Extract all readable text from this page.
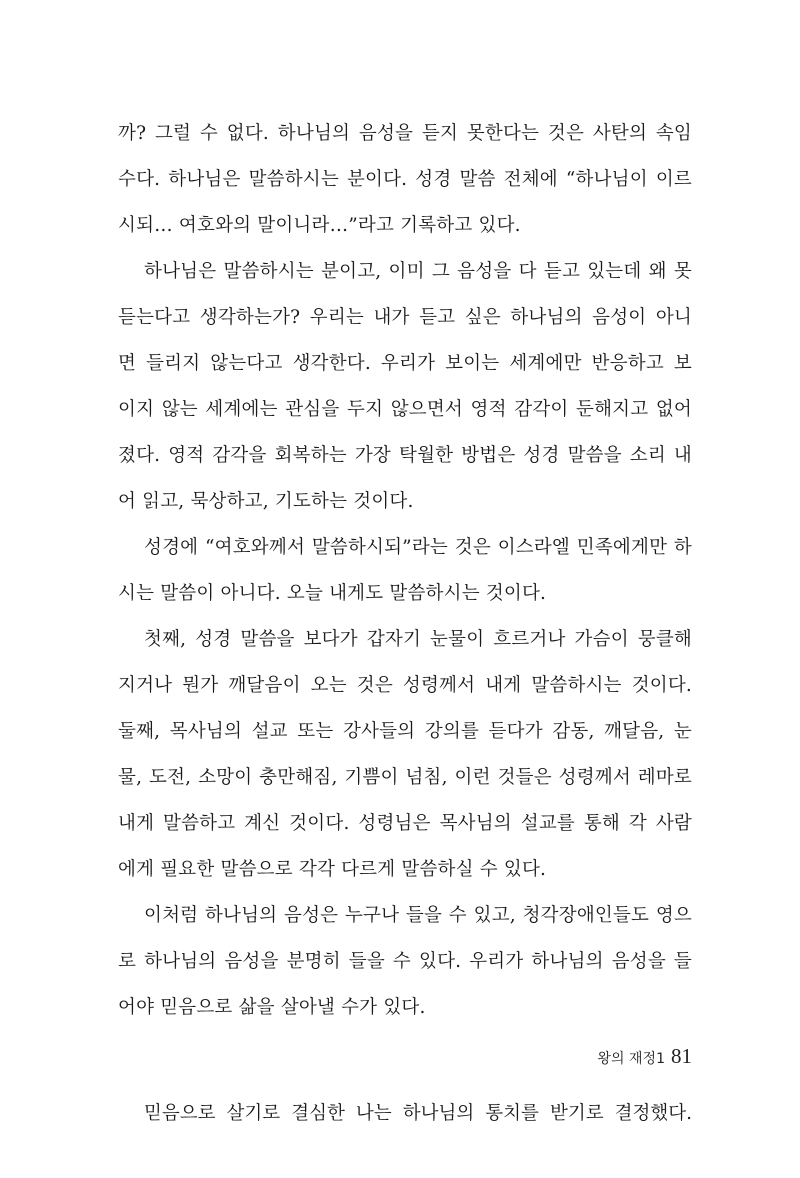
까? 그럴 수 없다. 하나님의 음성을 듣지 못한다는 것은 사탄의 속임
수다. 하나님은 말씀하시는 분이다. 성경 말씀 전체에 “하나님이 이르
시되… 여호와의 말이니라…”라고 기록하고 있다.
하나님은 말씀하시는 분이고, 이미 그 음성을 다 듣고 있는데 왜 못
듣는다고 생각하는가? 우리는 내가 듣고 싶은 하나님의 음성이 아니
면 들리지 않는다고 생각한다. 우리가 보이는 세계에만 반응하고 보
이지 않는 세계에는 관심을 두지 않으면서 영적 감각이 둔해지고 없어
졌다. 영적 감각을 회복하는 가장 탁월한 방법은 성경 말씀을 소리 내
어 읽고, 묵상하고, 기도하는 것이다.
성경에 “여호와께서 말씀하시되”라는 것은 이스라엘 민족에게만 하
시는 말씀이 아니다. 오늘 내게도 말씀하시는 것이다.
첫째, 성경 말씀을 보다가 갑자기 눈물이 흐르거나 가슴이 뭉클해
지거나 뭔가 깨달음이 오는 것은 성령께서 내게 말씀하시는 것이다.
둘째, 목사님의 설교 또는 강사들의 강의를 듣다가 감동, 깨달음, 눈
물, 도전, 소망이 충만해짐, 기쁨이 넘침, 이런 것들은 성령께서 레마로
내게 말씀하고 계신 것이다. 성령님은 목사님의 설교를 통해 각 사람
에게 필요한 말씀으로 각각 다르게 말씀하실 수 있다.
이처럼 하나님의 음성은 누구나 들을 수 있고, 청각장애인들도 영으
로 하나님의 음성을 분명히 들을 수 있다. 우리가 하나님의 음성을 들
어야 믿음으로 삶을 살아낼 수가 있다.
믿음으로 살기로 결심한 나는 하나님의 통치를 받기로 결정했다.
왕의 재정1 81
